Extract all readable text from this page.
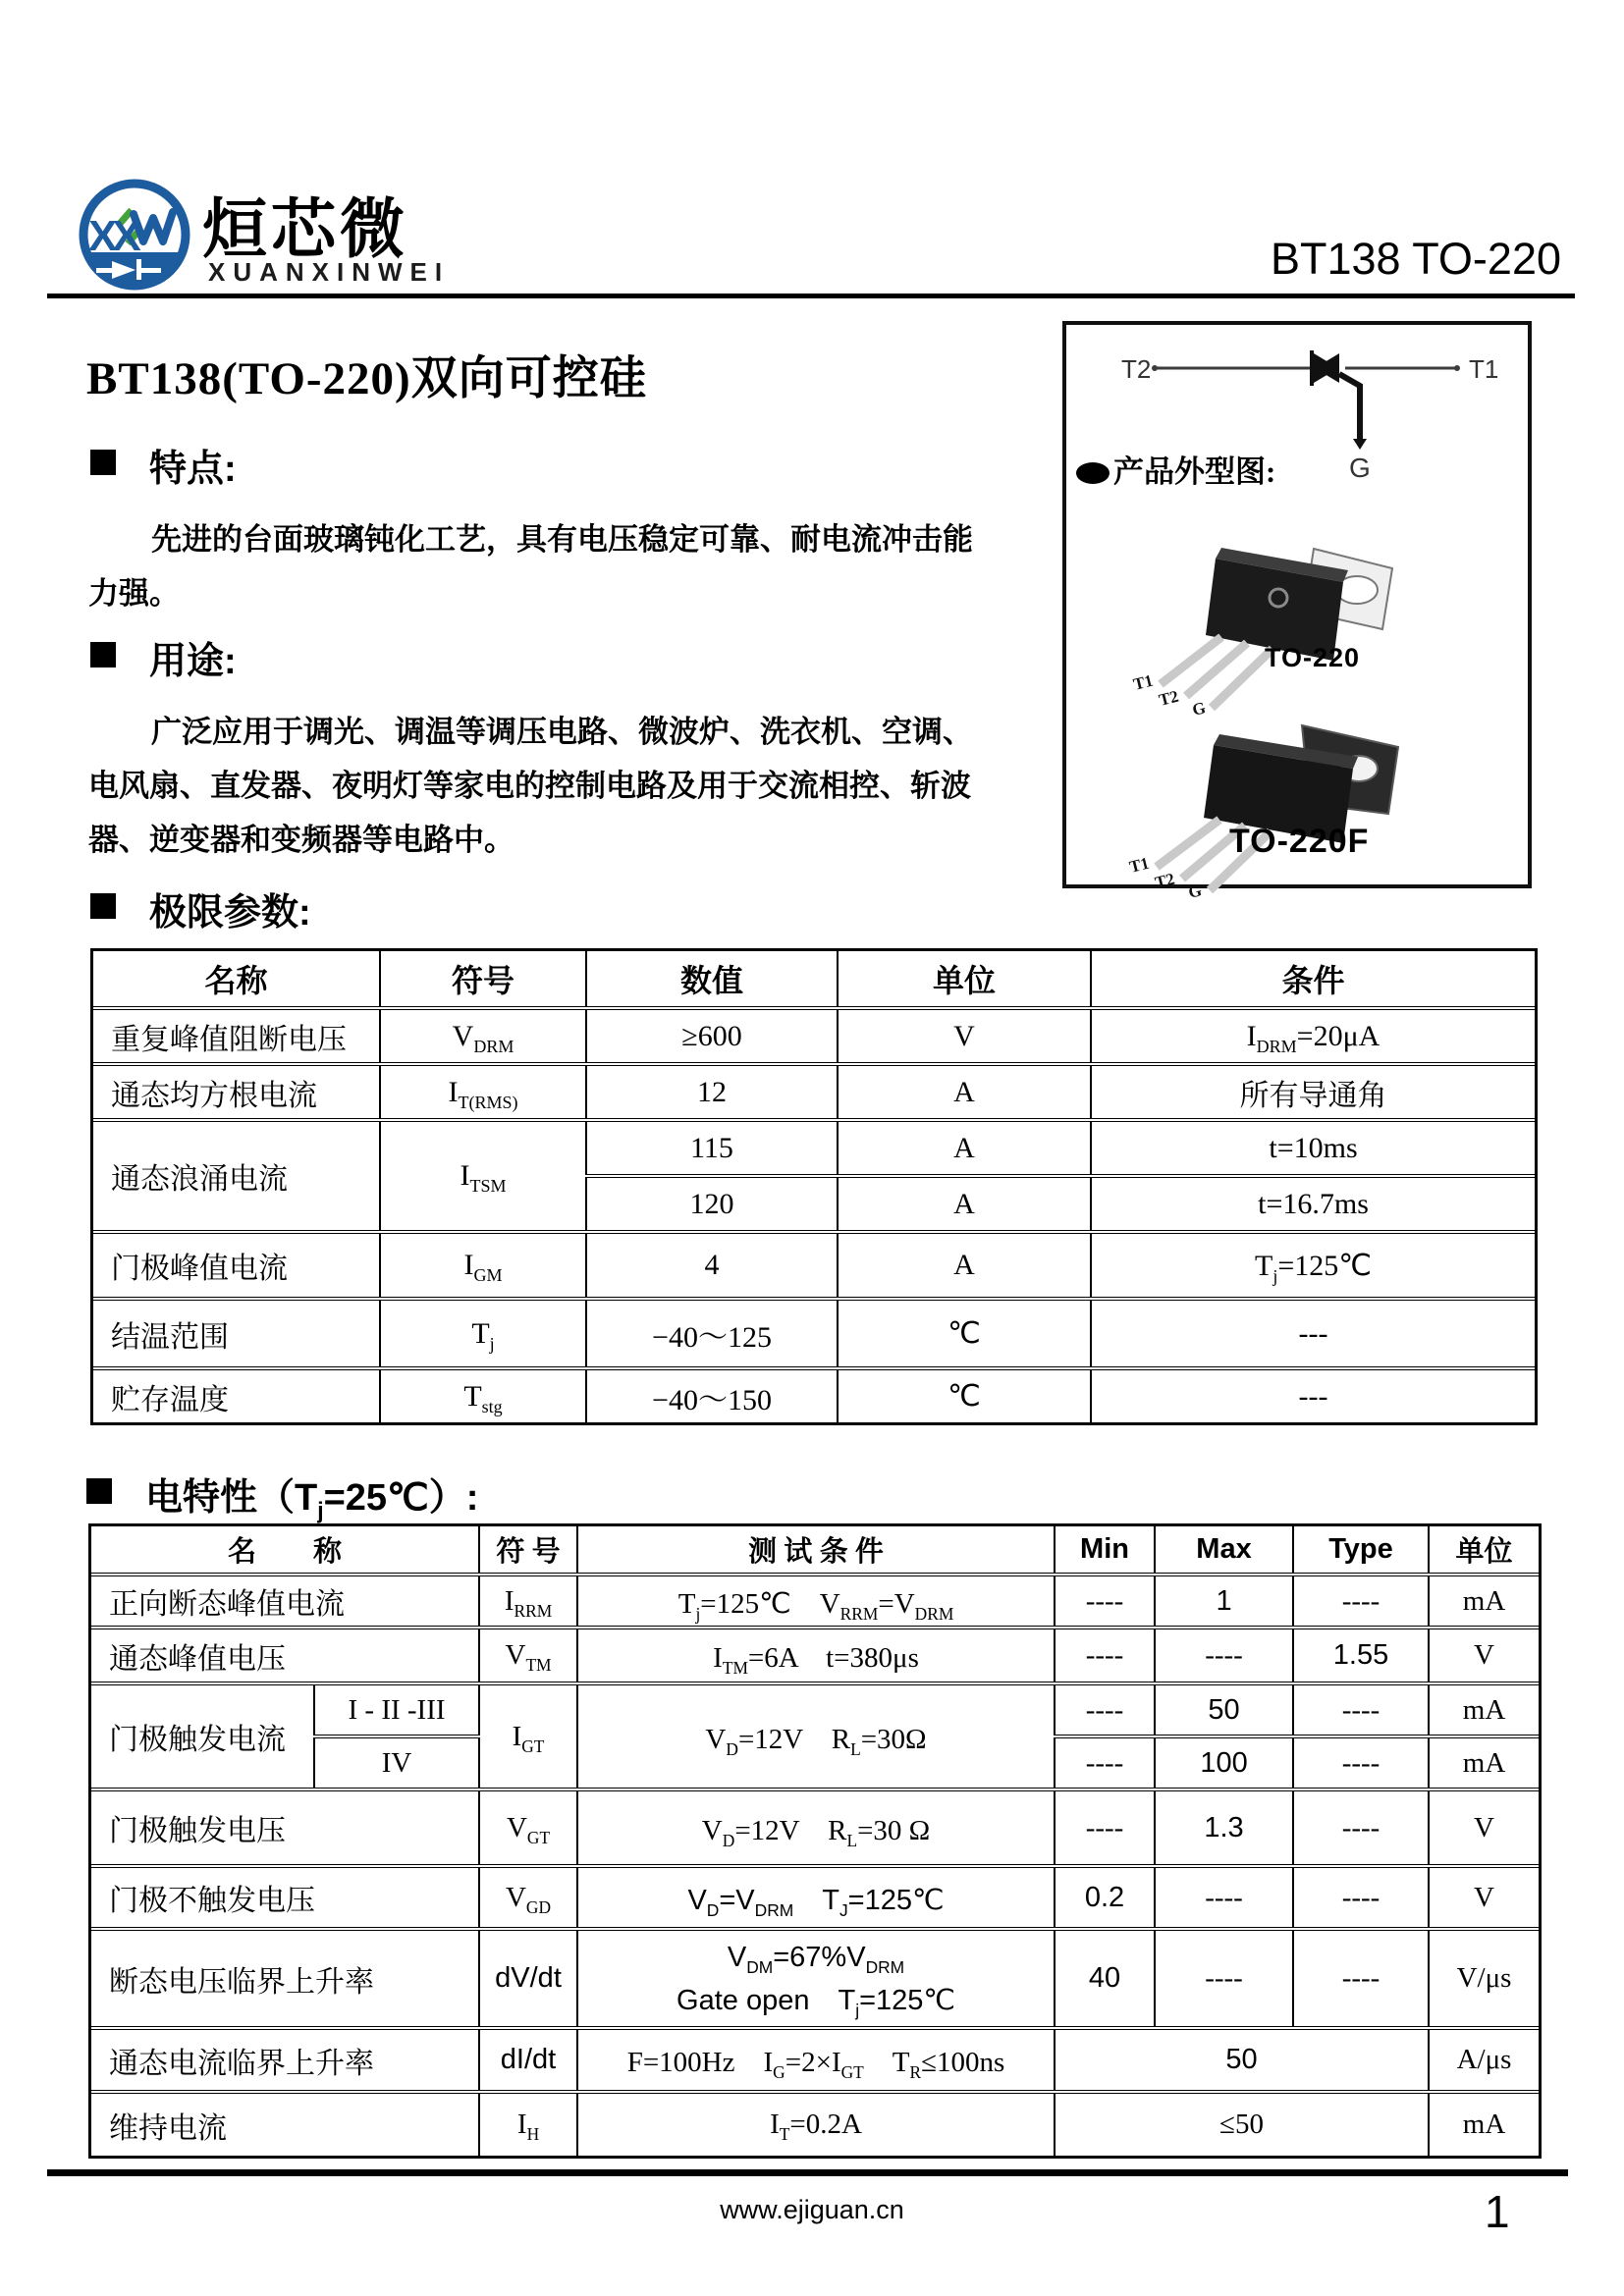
XX 烜芯微
XUANXINWEI	BT138 TO-220
BT138(TO-220)双向可控硅	T2	T1
G
T1
T2 G
T1
T2 G
产品外型图:
TO-220
TO-220F
特点:
先进的台面玻璃钝化工艺，具有电压稳定可靠、耐电流冲击能
力强。
用途:
广泛应用于调光、调温等调压电路、微波炉、洗衣机、空调、
电风扇、直发器、夜明灯等家电的控制电路及用于交流相控、斩波
器、逆变器和变频器等电路中。
极限参数:
名称	符号	数值	单位	条件
重复峰值阻断电压	$V_{DRM}$	≥600	V	$I_{DRM}=20\mu A$
通态均方根电流	$I_{T(RMS)}$	12	A	所有导通角
通态浪涌电流	$I_{TSM}$	115	A	t=10ms
		120	A	t=16.7ms
门极峰值电流	$I_{GM}$	4	A	$T_j=125℃$
结温范围	$T_j$	−40～125	℃	---
贮存温度	$T_{stg}$	−40～150	℃	---
电特性$(T_j=25℃)$:
名　　称		符 号	测 试 条 件	Min	Max	Type	单位
正向断态峰值电流		$I_{RRM}$	$T_j=125℃$　$V_{RRM}=V_{DRM}$	----	1	----	mA
通态峰值电压		$V_{TM}$	$I_{TM}=6A$　t=380μs	----	----	1.55	V
门极触发电流	I - II -III	$I_{GT}$	$V_D=12V$　$R_L=30\Omega$	----	50	----	mA
	IV			----	100	----	mA
门极触发电压		$V_{GT}$	$V_D=12V$　$R_L=30$ Ω	----	1.3	----	V
门极不触发电压		$V_{GD}$	$V_D=V_{DRM}$　$T_J=125℃$	0.2	----	----	V
断态电压临界上升率		dV/dt	$V_{DM}=67\%V_{DRM}$
Gate open　$T_j=125℃$	40	----	----	V/μs
通态电流临界上升率		dI/dt	F=100Hz　$I_G=2\times I_{GT}$　$T_R\le 100ns$	50			A/μs
维持电流		$I_H$	$I_T=0.2A$	≤50			mA
www.ejiguan.cn	1
